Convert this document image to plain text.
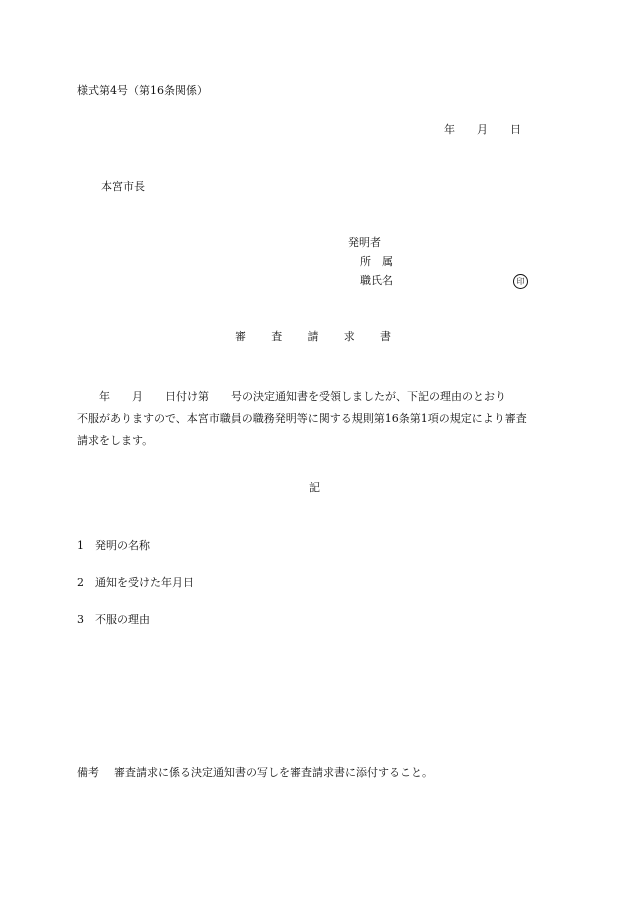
様式第4号（第16条関係）
年　　月　　日
本宮市長
発明者
所　属
職氏名	印
審 査 請 求 書
　　年　　月　　日付け第　　号の決定通知書を受領しましたが、下記の理由のとおり
不服がありますので、本宮市職員の職務発明等に関する規則第16条第1項の規定により審査
請求をします。
記
1 発明の名称
2 通知を受けた年月日
3 不服の理由
備考 審査請求に係る決定通知書の写しを審査請求書に添付すること。
